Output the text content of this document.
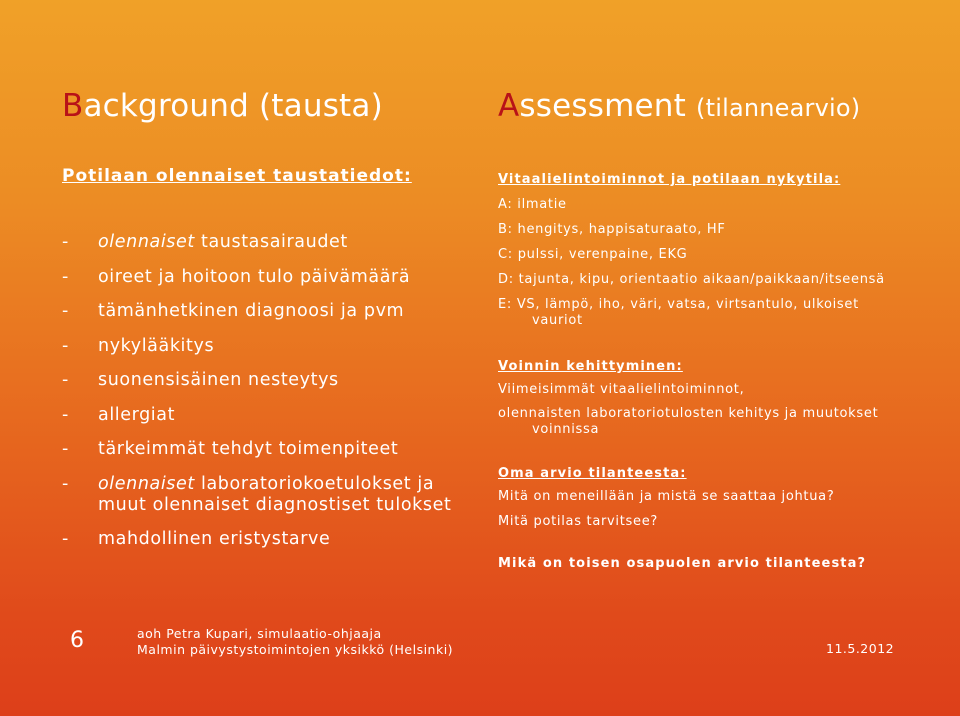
Background (tausta)	Assessment (tilannearvio)
Potilaan olennaiset taustatiedot:
- olennaiset taustasairaudet
- oireet ja hoitoon tulo päivämäärä
- tämänhetkinen diagnoosi ja pvm
- nykylääkitys
- suonensisäinen nesteytys
- allergiat
- tärkeimmät tehdyt toimenpiteet
- olennaiset laboratoriokoetulokset ja muut olennaiset diagnostiset tulokset
- mahdollinen eristystarve
Vitaalielintoiminnot ja potilaan nykytila:
A: ilmatie
B: hengitys, happisaturaato, HF
C: pulssi, verenpaine, EKG
D: tajunta, kipu, orientaatio aikaan/paikkaan/itseensä
E: VS, lämpö, iho, väri, vatsa, virtsantulo, ulkoiset
vauriot
Voinnin kehittyminen:
Viimeisimmät vitaalielintoiminnot,
olennaisten laboratoriotulosten kehitys ja muutokset
voinnissa
Oma arvio tilanteesta:
Mitä on meneillään ja mistä se saattaa johtua?
Mitä potilas tarvitsee?
Mikä on toisen osapuolen arvio tilanteesta?
6	aoh Petra Kupari, simulaatio-ohjaaja
Malmin päivystystoimintojen yksikkö (Helsinki)	11.5.2012
